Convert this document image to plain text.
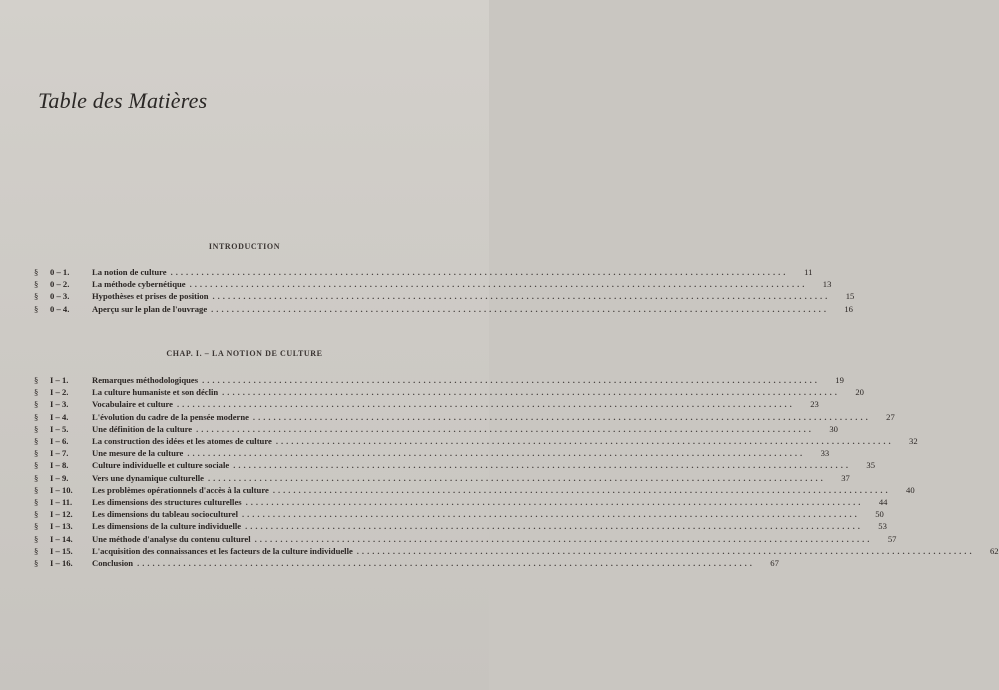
Table des Matières
INTRODUCTION
§	0 – 1.	La notion de culture ........................................................................................................................	11
§	0 – 2.	La méthode cybernétique ........................................................................................................................	13
§	0 – 3.	Hypothèses et prises de position ........................................................................................................................	15
§	0 – 4.	Aperçu sur le plan de l'ouvrage ........................................................................................................................	16
CHAP. I. – LA NOTION DE CULTURE
§	I – 1.	Remarques méthodologiques ........................................................................................................................	19
§	I – 2.	La culture humaniste et son déclin ........................................................................................................................	20
§	I – 3.	Vocabulaire et culture ........................................................................................................................	23
§	I – 4.	L'évolution du cadre de la pensée moderne ........................................................................................................................	27
§	I – 5.	Une définition de la culture ........................................................................................................................	30
§	I – 6.	La construction des idées et les atomes de culture ........................................................................................................................	32
§	I – 7.	Une mesure de la culture ........................................................................................................................	33
§	I – 8.	Culture individuelle et culture sociale ........................................................................................................................	35
§	I – 9.	Vers une dynamique culturelle ........................................................................................................................	37
§	I – 10.	Les problèmes opérationnels d'accès à la culture ........................................................................................................................	40
§	I – 11.	Les dimensions des structures culturelles ........................................................................................................................	44
§	I – 12.	Les dimensions du tableau socioculturel ........................................................................................................................	50
§	I – 13.	Les dimensions de la culture individuelle ........................................................................................................................	53
§	I – 14.	Une méthode d'analyse du contenu culturel ........................................................................................................................	57
§	I – 15.	L'acquisition des connaissances et les facteurs de la culture individuelle ........................................................................................................................	62
§	I – 16.	Conclusion ........................................................................................................................	67
